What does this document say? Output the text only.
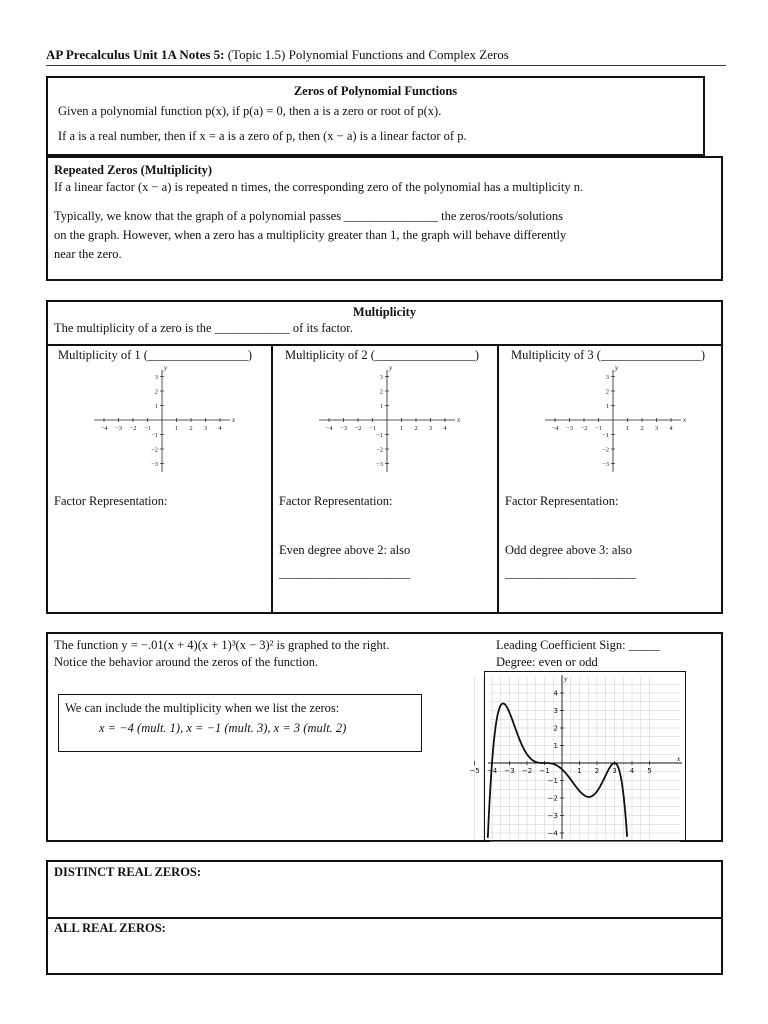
AP Precalculus Unit 1A Notes 5: (Topic 1.5) Polynomial Functions and Complex Zeros
Zeros of Polynomial Functions
Given a polynomial function p(x), if p(a) = 0, then a is a zero or root of p(x).
If a is a real number, then if x = a is a zero of p, then (x − a) is a linear factor of p.
Repeated Zeros (Multiplicity)
If a linear factor (x − a) is repeated n times, the corresponding zero of the polynomial has a multiplicity n.
Typically, we know that the graph of a polynomial passes _______________ the zeros/roots/solutions
on the graph. However, when a zero has a multiplicity greater than 1, the graph will behave differently
near the zero.
Multiplicity
The multiplicity of a zero is the ____________ of its factor.
Multiplicity of 1 (________________)
−4 −3 −2 −1	1 2 3 4
3
2
1
−1
−2
−3
x
y
Factor Representation:
Multiplicity of 2 (________________)
−4 −3 −2 −1	1 2 3 4
3
2
1
−1
−2
−3
x
y
Factor Representation:
Even degree above 2: also
_____________________
Multiplicity of 3 (________________)
−4 −3 −2 −1	1 2 3 4
3
2
1
−1
−2
−3
x
y
Factor Representation:
Odd degree above 3: also
_____________________
The function y = −.01(x + 4)(x + 1)³(x − 3)² is graphed to the right.
Notice the behavior around the zeros of the function.
Leading Coefficient Sign: _____
Degree: even or odd
We can include the multiplicity when we list the zeros:
x = −4 (mult. 1), x = −1 (mult. 3), x = 3 (mult. 2)
−5 −4 −3 −2 −1	1 2 3 4 5
4
3
2
1
−1
−2
−3
−4
x
y
DISTINCT REAL ZEROS:
ALL REAL ZEROS:
